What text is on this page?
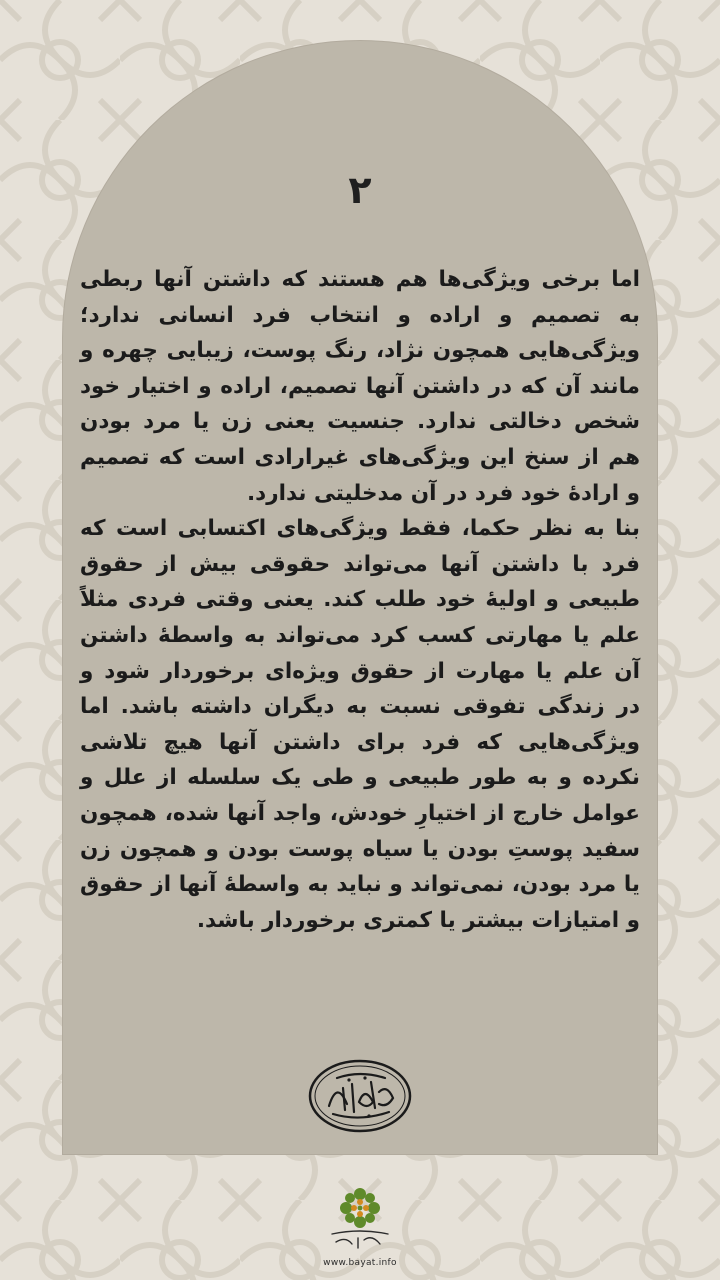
۲

اما برخی ویژگی‌ها هم هستند که داشتن آنها ربطی به تصمیم و اراده و انتخاب فرد انسانی ندارد؛ ویژگی‌هایی همچون نژاد، رنگ پوست، زیبایی چهره و مانند آن که در داشتن آنها تصمیم، اراده و اختیار خود شخص دخالتی ندارد. جنسیت یعنی زن یا مرد بودن هم از سنخ این ویژگی‌های غیرارادی است که تصمیم و ارادهٔ خود فرد در آن مدخلیتی ندارد.

بنا به نظر حکما، فقط ویژگی‌های اکتسابی است که فرد با داشتن آنها می‌تواند حقوقی بیش از حقوق طبیعی و اولیهٔ خود طلب کند. یعنی وقتی فردی مثلاً علم یا مهارتی کسب کرد می‌تواند به واسطهٔ داشتن آن علم یا مهارت از حقوق ویژه‌ای برخوردار شود و در زندگی تفوقی نسبت به دیگران داشته باشد. اما ویژگی‌هایی که فرد برای داشتن آنها هیچ تلاشی نکرده و به طور طبیعی و طی یک سلسله از علل و عوامل خارج از اختیارِ خودش، واجد آنها شده، همچون سفید پوستِ بودن یا سیاه پوست بودن و همچون زن یا مرد بودن، نمی‌تواند و نباید به واسطهٔ آنها از حقوق و امتیازات بیشتر یا کمتری برخوردار باشد.

www.bayat.info
